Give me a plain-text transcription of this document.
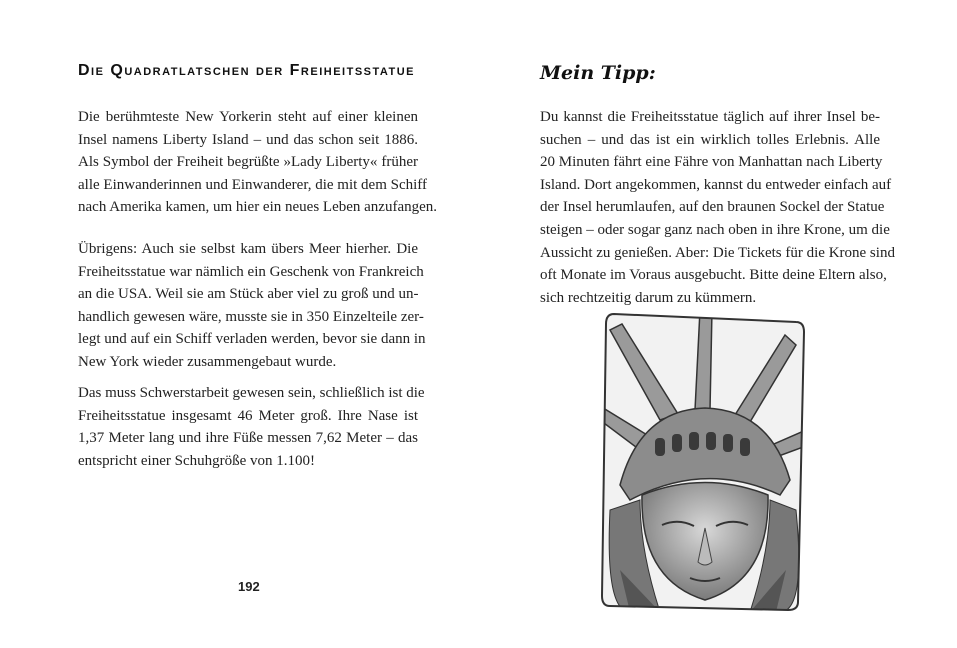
Die Quadratlatschen der Freiheitsstatue
Die berühmteste New Yorkerin steht auf einer kleinen
Insel namens Liberty Island – und das schon seit 1886.
Als Symbol der Freiheit begrüßte »Lady Liberty« früher
alle Einwanderinnen und Einwanderer, die mit dem Schiff
nach Amerika kamen, um hier ein neues Leben anzufangen.
Übrigens: Auch sie selbst kam übers Meer hierher. Die
Freiheitsstatue war nämlich ein Geschenk von Frankreich
an die USA. Weil sie am Stück aber viel zu groß und un-
handlich gewesen wäre, musste sie in 350 Einzelteile zer-
legt und auf ein Schiff verladen werden, bevor sie dann in
New York wieder zusammengebaut wurde.
Das muss Schwerstarbeit gewesen sein, schließlich ist die
Freiheitsstatue insgesamt 46 Meter groß. Ihre Nase ist
1,37 Meter lang und ihre Füße messen 7,62 Meter – das
entspricht einer Schuhgröße von 1.100!
192
Mein Tipp:
Du kannst die Freiheitsstatue täglich auf ihrer Insel be-
suchen – und das ist ein wirklich tolles Erlebnis. Alle
20 Minuten fährt eine Fähre von Manhattan nach Liberty
Island. Dort angekommen, kannst du entweder einfach auf
der Insel herumlaufen, auf den braunen Sockel der Statue
steigen – oder sogar ganz nach oben in ihre Krone, um die
Aussicht zu genießen. Aber: Die Tickets für die Krone sind
oft Monate im Voraus ausgebucht. Bitte deine Eltern also,
sich rechtzeitig darum zu kümmern.
